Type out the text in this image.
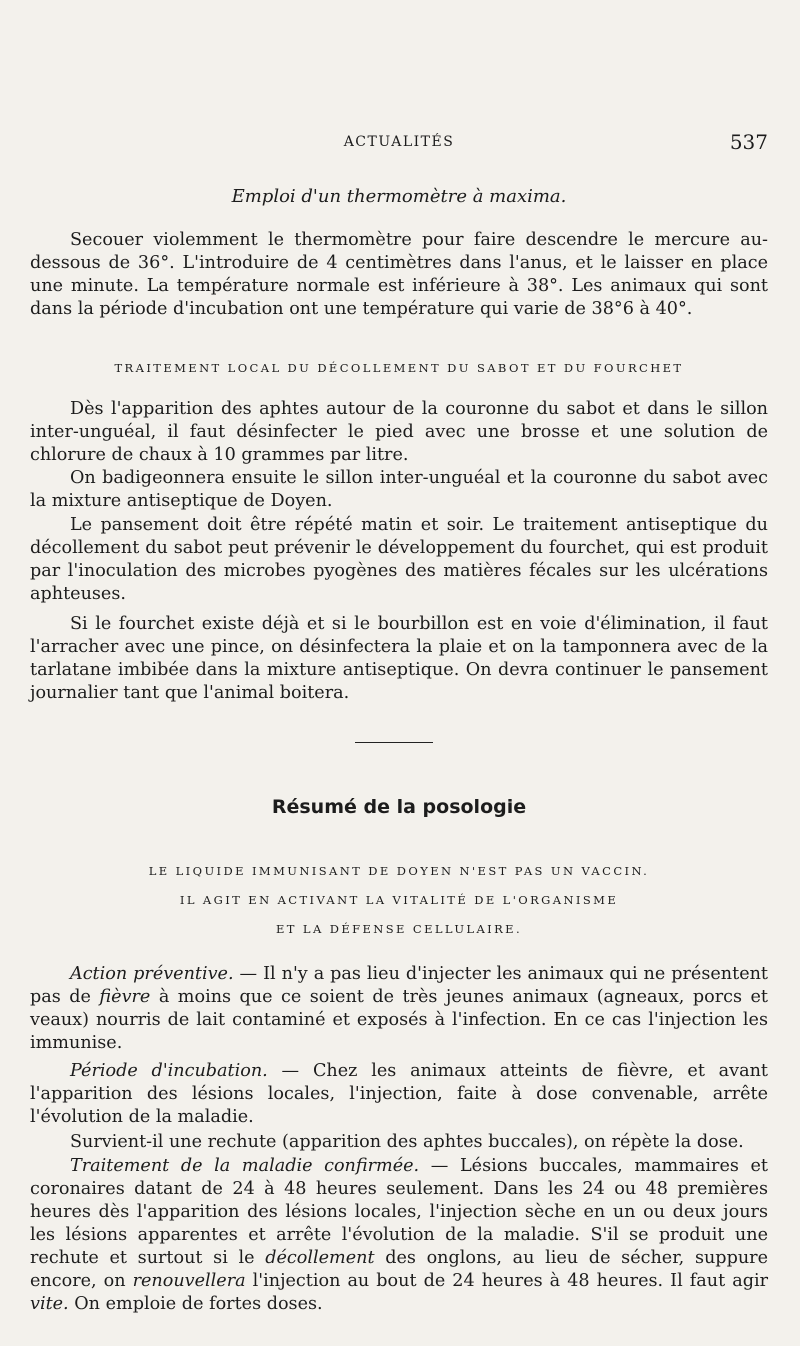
ACTUALITÉS	537
Emploi d'un thermomètre à maxima.

Secouer violemment le thermomètre pour faire descendre le mercure au-dessous de 36°. L'introduire de 4 centimètres dans l'anus, et le laisser en place une minute. La température normale est inférieure à 38°. Les animaux qui sont dans la période d'incubation ont une température qui varie de 38°6 à 40°.

TRAITEMENT LOCAL DU DÉCOLLEMENT DU SABOT ET DU FOURCHET

Dès l'apparition des aphtes autour de la couronne du sabot et dans le sillon inter-unguéal, il faut désinfecter le pied avec une brosse et une solution de chlorure de chaux à 10 grammes par litre.

On badigeonnera ensuite le sillon inter-unguéal et la couronne du sabot avec la mixture antiseptique de Doyen.

Le pansement doit être répété matin et soir. Le traitement antiseptique du décollement du sabot peut prévenir le développement du fourchet, qui est produit par l'inoculation des microbes pyogènes des matières fécales sur les ulcérations aphteuses.

Si le fourchet existe déjà et si le bourbillon est en voie d'élimination, il faut l'arracher avec une pince, on désinfectera la plaie et on la tamponnera avec de la tarlatane imbibée dans la mixture antiseptique. On devra continuer le pansement journalier tant que l'animal boitera.

Résumé de la posologie
LE LIQUIDE IMMUNISANT DE DOYEN N'EST PAS UN VACCIN.
IL AGIT EN ACTIVANT LA VITALITÉ DE L'ORGANISME
ET LA DÉFENSE CELLULAIRE.

Action préventive. — Il n'y a pas lieu d'injecter les animaux qui ne présentent pas de fièvre à moins que ce soient de très jeunes animaux (agneaux, porcs et veaux) nourris de lait contaminé et exposés à l'infection. En ce cas l'injection les immunise.

Période d'incubation. — Chez les animaux atteints de fièvre, et avant l'apparition des lésions locales, l'injection, faite à dose convenable, arrête l'évolution de la maladie.

Survient-il une rechute (apparition des aphtes buccales), on répète la dose.

Traitement de la maladie confirmée. — Lésions buccales, mammaires et coronaires datant de 24 à 48 heures seulement. Dans les 24 ou 48 premières heures dès l'apparition des lésions locales, l'injection sèche en un ou deux jours les lésions apparentes et arrête l'évolution de la maladie. S'il se produit une rechute et surtout si le décollement des onglons, au lieu de sécher, suppure encore, on renouvellera l'injection au bout de 24 heures à 48 heures. Il faut agir vite. On emploie de fortes doses.
